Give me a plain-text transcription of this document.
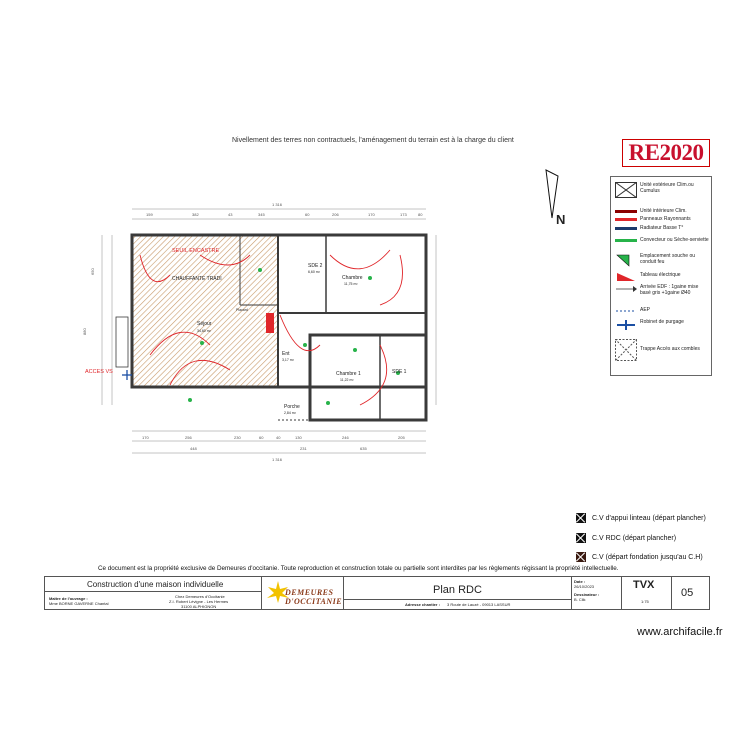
Nivellement des terres non contractuels, l'aménagement du terrain est à la charge du client	RE2020
N
1 316
159	382	43	345	60	206	170	173	80
170	256	230	60	40	130	246	205
448	231	635
1 316
650
880
CHAUFFANTE TRADI
Séjour
34,60 m²
SDE 2
6,60 m²
Chambre
11,75 m²
Chambre 1
11,22 m²
Ent
3,17 m²
Porche
2,84 m²
SDE 1
Placard
SEUIL ENCASTRE
ACCES VS
Unité extérieure Clim.ou Cumulus
Unité intérieure Clim.
Panneaux Rayonnants
Radiateur Basse T°
Convecteur ou Sèche-serviette
Emplacement souche ou conduit feu
Tableau électrique
Arrivée EDF : 1gaine mise basé gris +1gaine Ø40
AEP
Robinet de purgage
Trappe Accès aux combles
C.V d'appui linteau (départ plancher)
C.V RDC (départ plancher)
C.V (départ fondation jusqu'au C.H)
Ce document est la propriété exclusive de Demeures d'occitanie. Toute reproduction et construction totale ou partielle sont interdites par les règlements régissant la propriété intellectuelle.
Construction d'une maison individuelle
Maître de l'ouvrage :
Mme BORNE GAVERNE Chantal
Chez Demeures d'Occitanie
Z.I. Robert Lévigne - Les Hermes
31100 ALPHIGNON
DEMEURES D'OCCITANIE
Plan RDC
Adresse chantier : 3 Route de Lauzé - 09013 LASSUR
Date :
26/10/2023
Dessinateur :
B. Clik
TVX
1:75
05
www.archifacile.fr
